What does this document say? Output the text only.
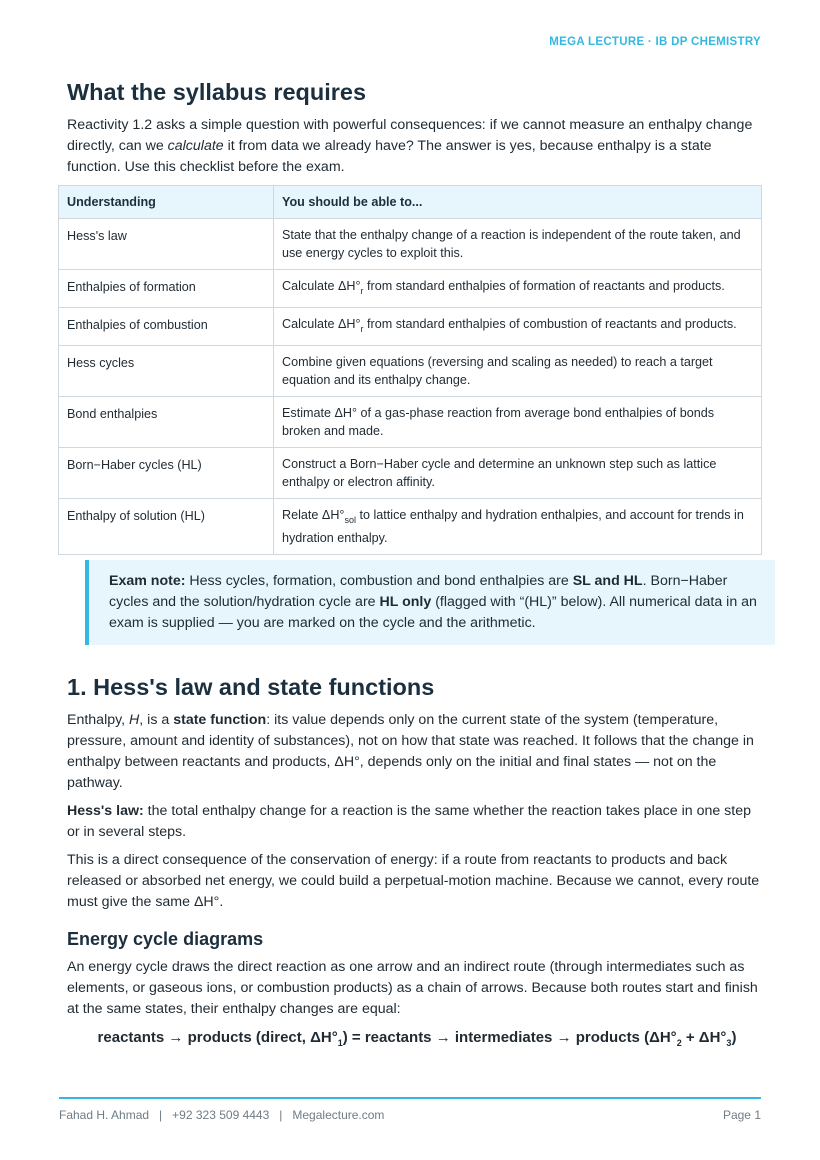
MEGA LECTURE · IB DP CHEMISTRY
What the syllabus requires

Reactivity 1.2 asks a simple question with powerful consequences: if we cannot measure an enthalpy change directly, can we calculate it from data we already have? The answer is yes, because enthalpy is a state function. Use this checklist before the exam.

Understanding	You should be able to...
Hess's law	State that the enthalpy change of a reaction is independent of the route taken, and use energy cycles to exploit this.
Enthalpies of formation	Calculate $\Delta H^\circ_r$ from standard enthalpies of formation of reactants and products.
Enthalpies of combustion	Calculate $\Delta H^\circ_r$ from standard enthalpies of combustion of reactants and products.
Hess cycles	Combine given equations (reversing and scaling as needed) to reach a target equation and its enthalpy change.
Bond enthalpies	Estimate ΔH° of a gas-phase reaction from average bond enthalpies of bonds broken and made.
Born−Haber cycles (HL)	Construct a Born−Haber cycle and determine an unknown step such as lattice enthalpy or electron affinity.
Enthalpy of solution (HL)	Relate $\Delta H^\circ_{sol}$ to lattice enthalpy and hydration enthalpies, and account for trends in hydration enthalpy.
Exam note: Hess cycles, formation, combustion and bond enthalpies are SL and HL. Born−Haber cycles and the solution/hydration cycle are HL only (flagged with “(HL)” below). All numerical data in an exam is supplied — you are marked on the cycle and the arithmetic.
1. Hess's law and state functions

Enthalpy, H, is a state function: its value depends only on the current state of the system (temperature, pressure, amount and identity of substances), not on how that state was reached. It follows that the change in enthalpy between reactants and products, ΔH°, depends only on the initial and final states — not on the pathway.

Hess's law: the total enthalpy change for a reaction is the same whether the reaction takes place in one step or in several steps.

This is a direct consequence of the conservation of energy: if a route from reactants to products and back released or absorbed net energy, we could build a perpetual-motion machine. Because we cannot, every route must give the same ΔH°.

Energy cycle diagrams

An energy cycle draws the direct reaction as one arrow and an indirect route (through intermediates such as elements, or gaseous ions, or combustion products) as a chain of arrows. Because both routes start and finish at the same states, their enthalpy changes are equal:

reactants → products (direct, $\Delta H^\circ_1$) = reactants → intermediates → products $(\Delta H^\circ_2 + \Delta H^\circ_3)$
Fahad H. Ahmad   |   +92 323 509 4443   |   Megalecture.com	Page 1
